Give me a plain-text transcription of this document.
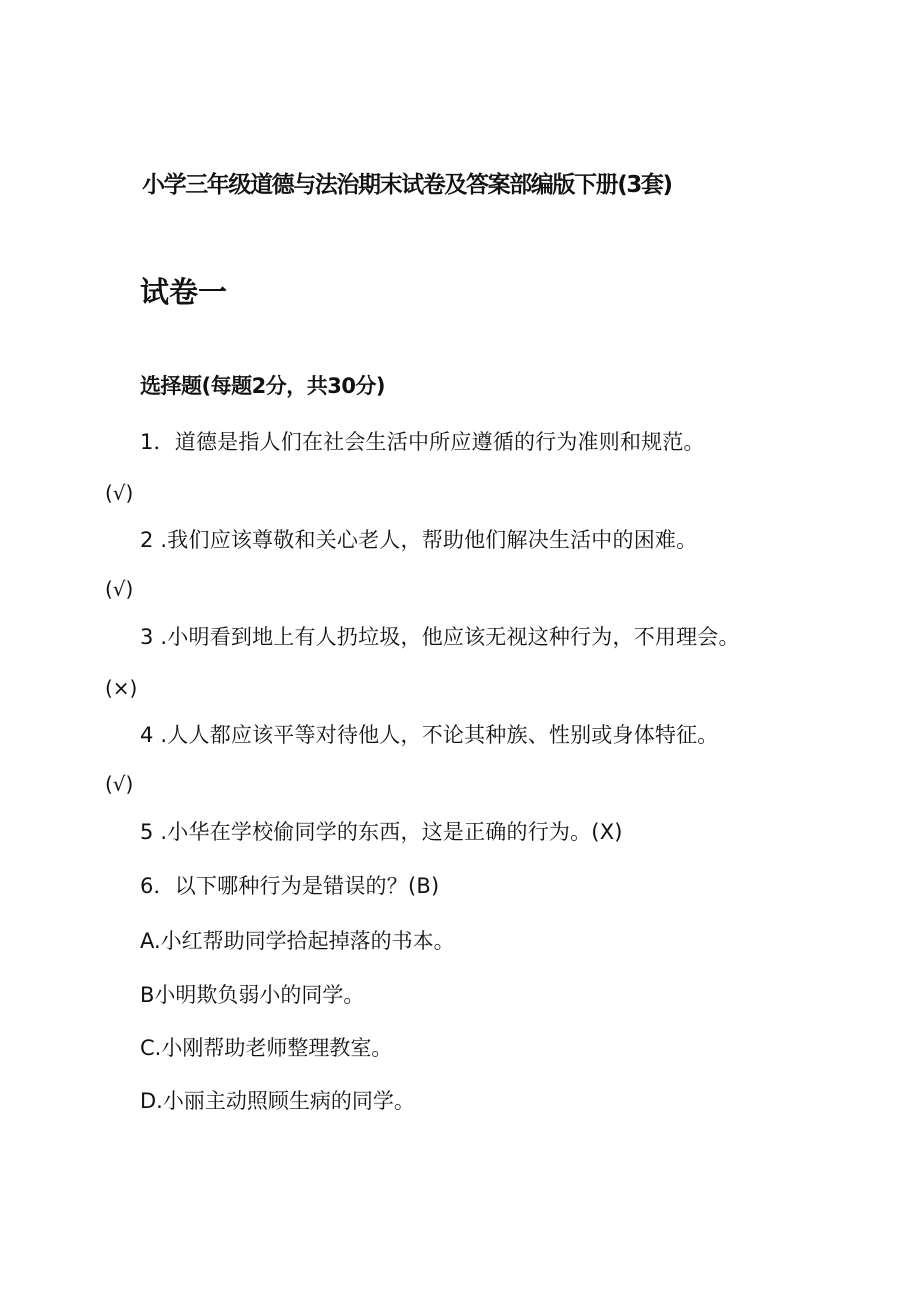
小学三年级道德与法治期末试卷及答案部编版下册(3套)
试卷一
选择题(每题2分，共30分)
1．道德是指人们在社会生活中所应遵循的行为准则和规范。
(√)
2 .我们应该尊敬和关心老人，帮助他们解决生活中的困难。
(√)
3 .小明看到地上有人扔垃圾，他应该无视这种行为，不用理会。
(×)
4 .人人都应该平等对待他人，不论其种族、性别或身体特征。
(√)
5 .小华在学校偷同学的东西，这是正确的行为。(X)
6．以下哪种行为是错误的？(B)
A.小红帮助同学拾起掉落的书本。
B小明欺负弱小的同学。
C.小刚帮助老师整理教室。
D.小丽主动照顾生病的同学。
